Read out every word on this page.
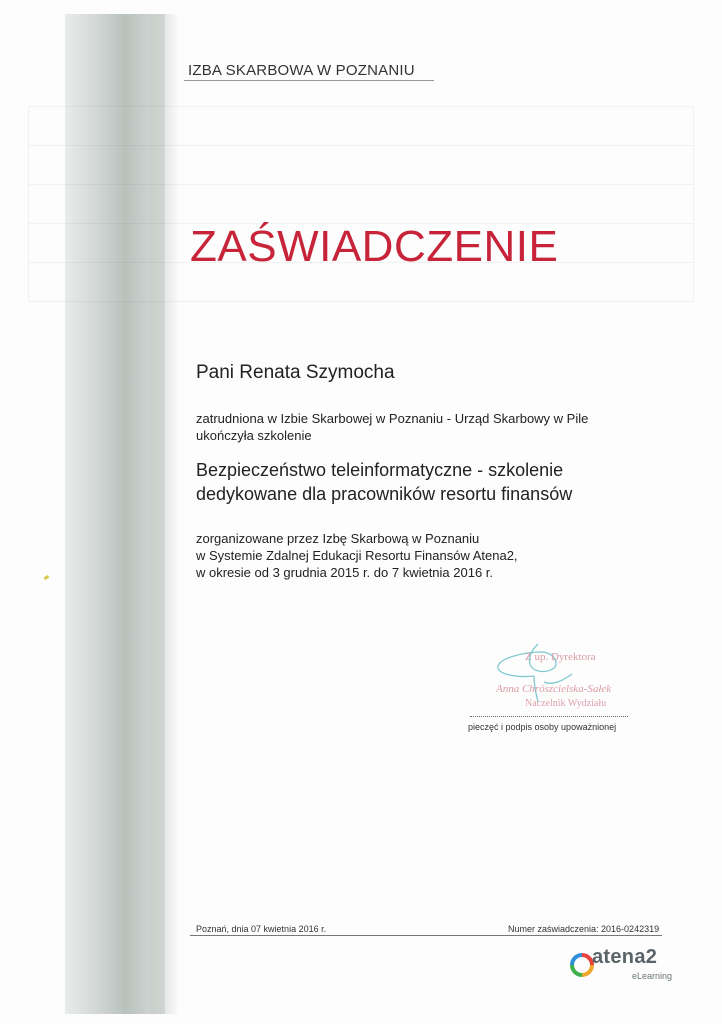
IZBA SKARBOWA W POZNANIU
ZAŚWIADCZENIE
Pani Renata Szymocha
zatrudniona w Izbie Skarbowej w Poznaniu - Urząd Skarbowy w Pile
ukończyła szkolenie
Bezpieczeństwo teleinformatyczne - szkolenie
dedykowane dla pracowników resortu finansów
zorganizowane przez Izbę Skarbową w Poznaniu
w Systemie Zdalnej Edukacji Resortu Finansów Atena2,
w okresie od 3 grudnia 2015 r. do 7 kwietnia 2016 r.
Z up. Dyrektora
Anna Chrószcielska-Sałek
Naczelnik Wydziału
pieczęć i podpis osoby upoważnionej
Poznań, dnia 07 kwietnia 2016 r.	Numer zaświadczenia: 2016-0242319
atena2
eLearning
